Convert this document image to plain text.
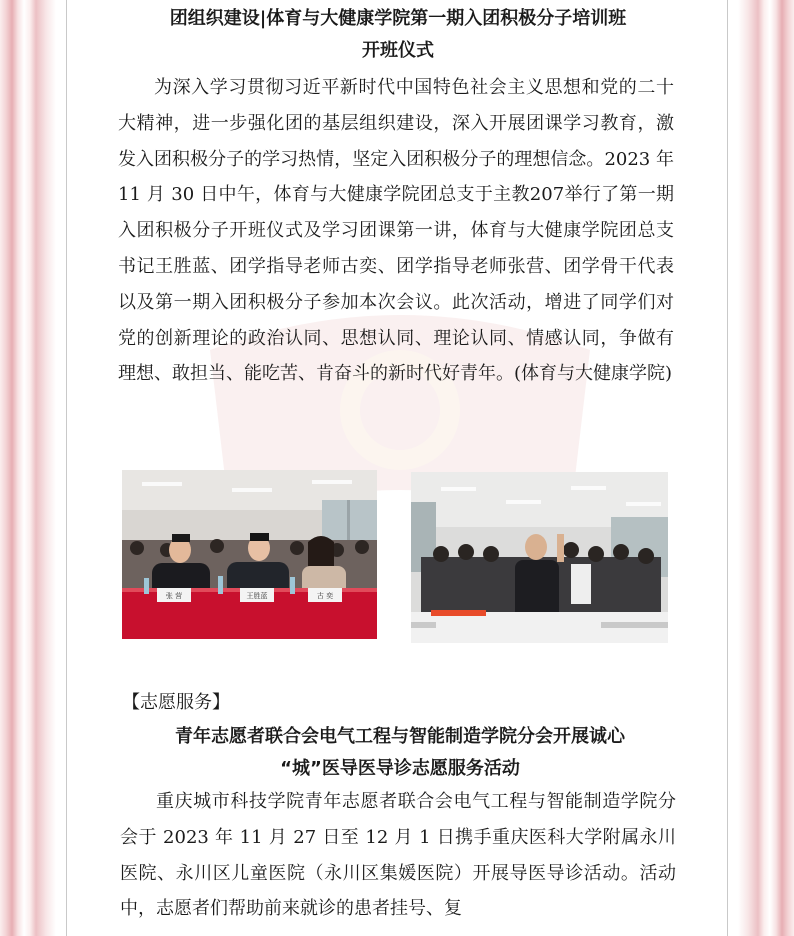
团组织建设|体育与大健康学院第一期入团积极分子培训班
开班仪式

为深入学习贯彻习近平新时代中国特色社会主义思想和党的二十大精神，进一步强化团的基层组织建设，深入开展团课学习教育，激发入团积极分子的学习热情，坚定入团积极分子的理想信念。2023 年 11 月 30 日中午，体育与大健康学院团总支于主教207举行了第一期入团积极分子开班仪式及学习团课第一讲，体育与大健康学院团总支书记王胜蓝、团学指导老师古奕、团学指导老师张营、团学骨干代表以及第一期入团积极分子参加本次会议。此次活动，增进了同学们对党的创新理论的政治认同、思想认同、理论认同、情感认同，争做有理想、敢担当、能吃苦、肯奋斗的新时代好青年。(体育与大健康学院)

张 营	王胜蓝	古 奕
【志愿服务】
青年志愿者联合会电气工程与智能制造学院分会开展诚心
“城”医导医导诊志愿服务活动

重庆城市科技学院青年志愿者联合会电气工程与智能制造学院分会于 2023 年 11 月 27 日至 12 月 1 日携手重庆医科大学附属永川医院、永川区儿童医院（永川区集媛医院）开展导医导诊活动。活动中，志愿者们帮助前来就诊的患者挂号、复
